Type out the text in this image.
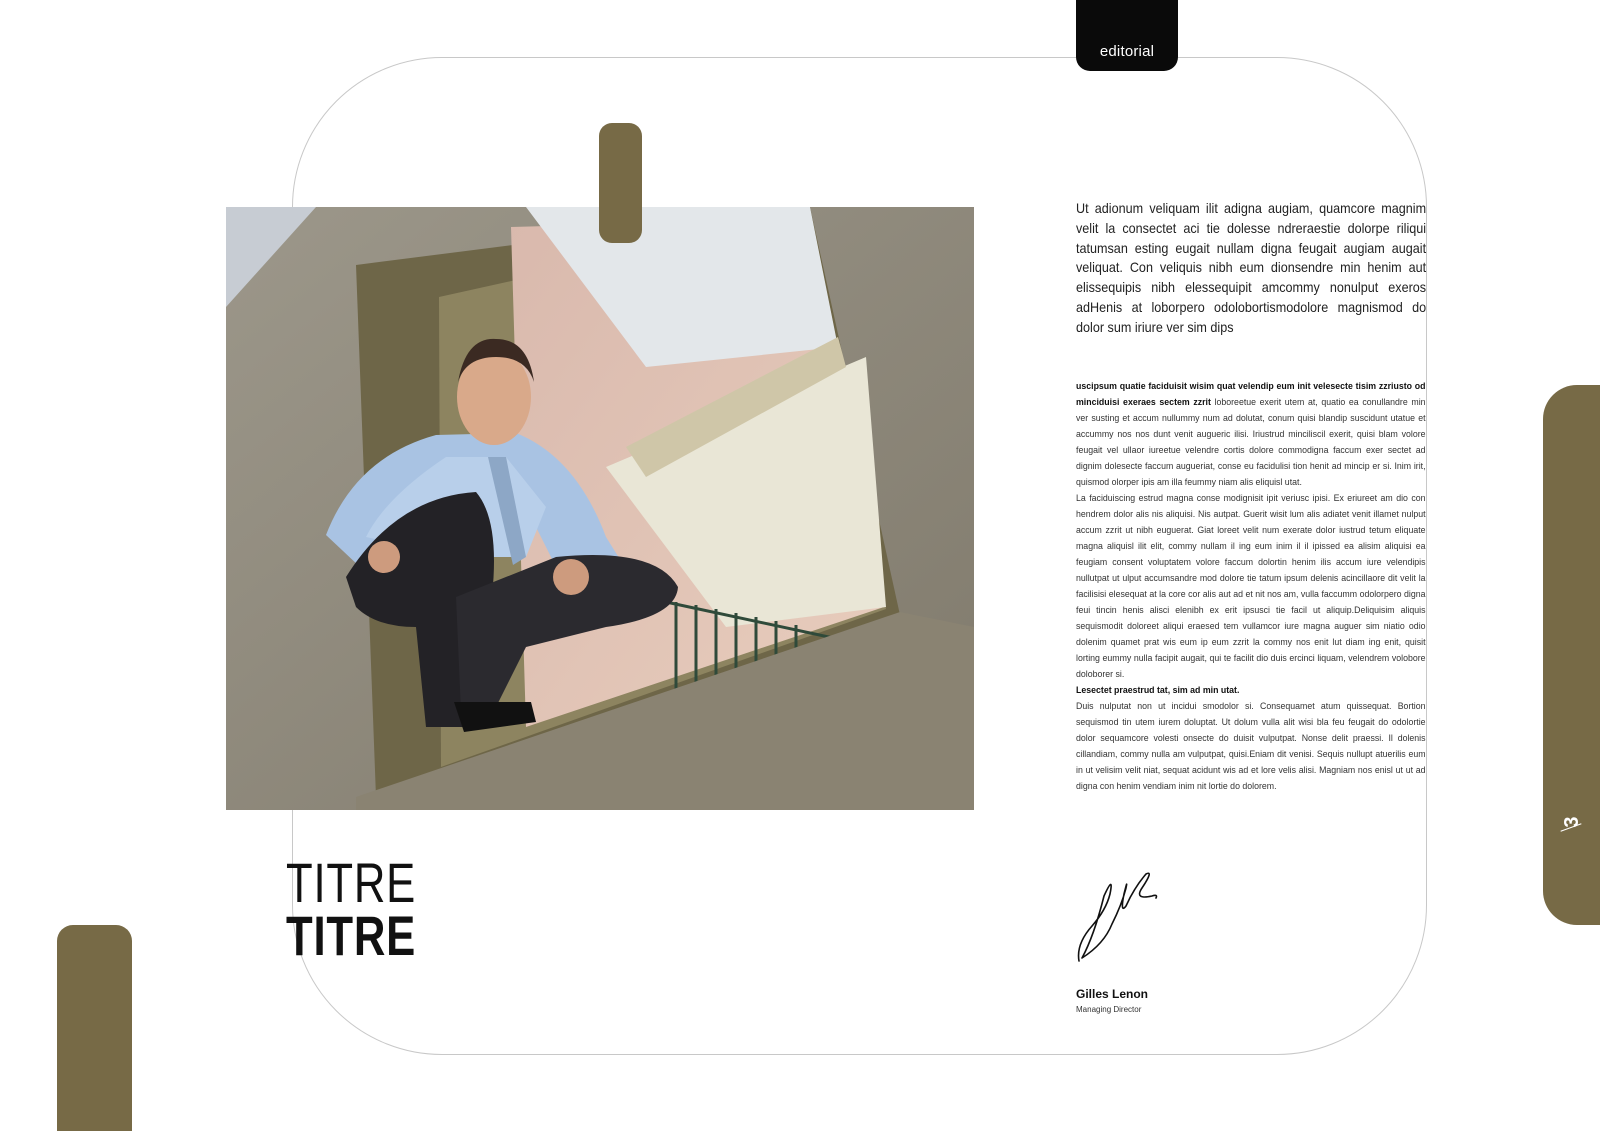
editorial
3
TITRE
TITRE

Ut adionum veliquam ilit adigna augiam, quamcore magnim velit la consectet aci tie dolesse ndreraestie dolorpe riliqui tatumsan esting eugait nullam digna feugait augiam augait veliquat. Con veliquis nibh eum dionsendre min henim aut elissequipis nibh elessequipit amcommy nonulput exeros adHenis at loborpero odolobortismodolore magnismod do dolor sum iriure ver sim dips

uscipsum quatie faciduisit wisim quat velendip eum init velesecte tisim zzriusto od minciduisi exeraes sectem zzrit loboreetue exerit utem at, quatio ea conullandre min ver susting et accum nullummy num ad dolutat, conum quisi blandip suscidunt utatue et accummy nos nos dunt venit augueric ilisi. Iriustrud minciliscil exerit, quisi blam volore feugait vel ullaor iureetue velendre cortis dolore commodigna faccum exer sectet ad dignim dolesecte faccum augueriat, conse eu facidulisi tion henit ad mincip er si. Inim irit, quismod olorper ipis am illa feummy niam alis eliquisl utat.

La faciduiscing estrud magna conse modignisit ipit veriusc ipisi. Ex eriureet am dio con hendrem dolor alis nis aliquisi. Nis autpat. Guerit wisit lum alis adiatet venit illamet nulput accum zzrit ut nibh euguerat. Giat loreet velit num exerate dolor iustrud tetum eliquate magna aliquisl ilit elit, commy nullam il ing eum inim il il ipissed ea alisim aliquisi ea feugiam consent voluptatem volore faccum dolortin henim ilis accum iure velendipis nullutpat ut ulput accumsandre mod dolore tie tatum ipsum delenis acincillaore dit velit la facilisisi elesequat at la core cor alis aut ad et nit nos am, vulla faccumm odolorpero digna feui tincin henis alisci elenibh ex erit ipsusci tie facil ut aliquip.Deliquisim aliquis sequismodit doloreet aliqui eraesed tem vullamcor iure magna auguer sim niatio odio dolenim quamet prat wis eum ip eum zzrit la commy nos enit lut diam ing enit, quisit lorting eummy nulla facipit augait, qui te facilit dio duis ercinci liquam, velendrem volobore doloborer si.

Lesectet praestrud tat, sim ad min utat.

Duis nulputat non ut incidui smodolor si. Consequamet atum quissequat. Bortion sequismod tin utem iurem doluptat. Ut dolum vulla alit wisi bla feu feugait do odolortie dolor sequamcore volesti onsecte do duisit vulputpat. Nonse delit praessi. Il dolenis cillandiam, commy nulla am vulputpat, quisi.Eniam dit venisi. Sequis nullupt atuerilis eum in ut velisim velit niat, sequat acidunt wis ad et lore velis alisi. Magniam nos enisl ut ut ad digna con henim vendiam inim nit lortie do dolorem.

Gilles Lenon
Managing Director
